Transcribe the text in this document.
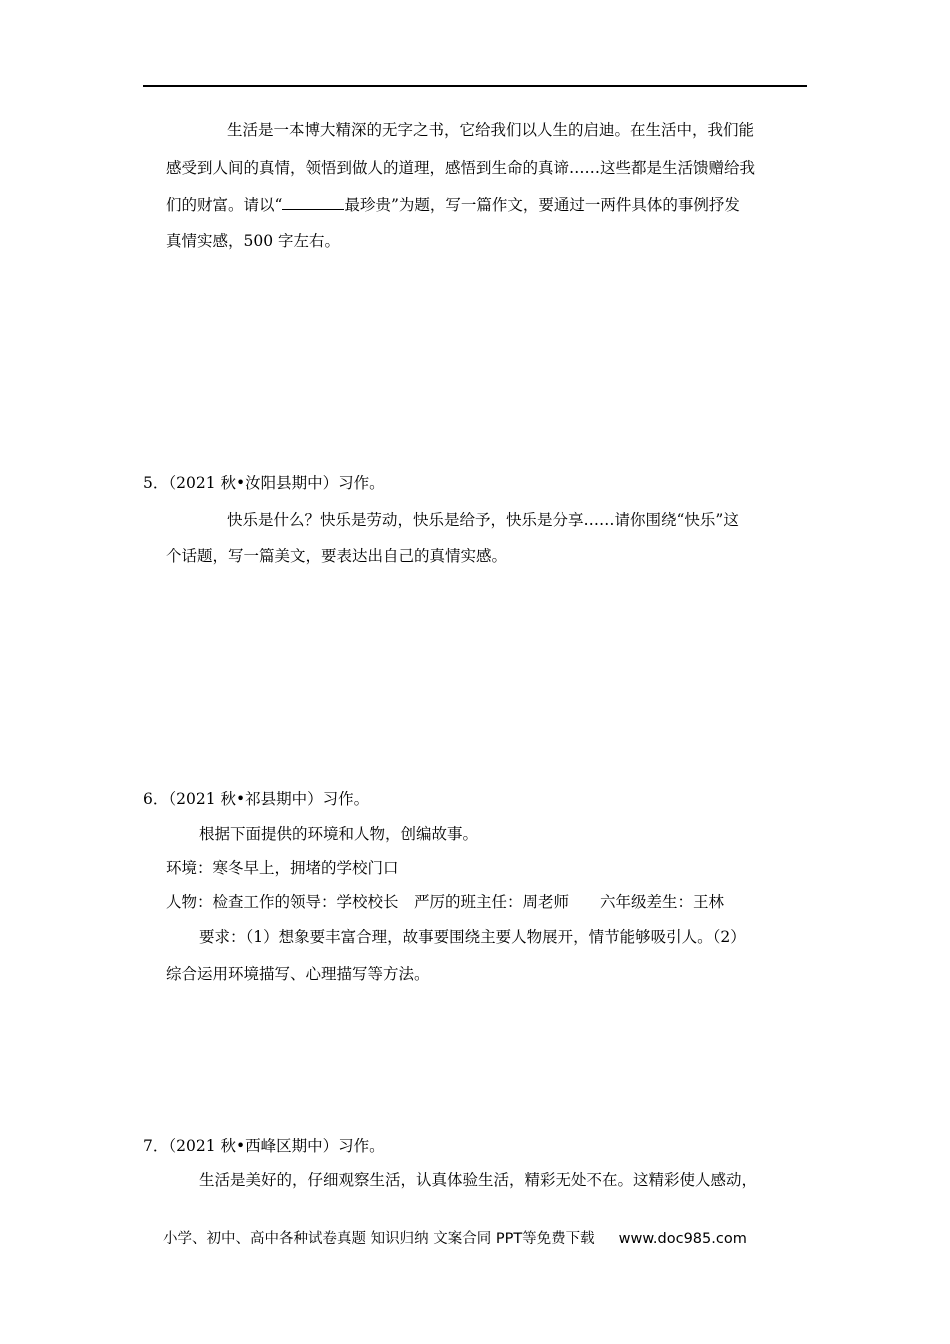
生活是一本博大精深的无字之书，它给我们以人生的启迪。在生活中，我们能
感受到人间的真情，领悟到做人的道理，感悟到生命的真谛……这些都是生活馈赠给我
们的财富。请以“	最珍贵”为题，写一篇作文，要通过一两件具体的事例抒发
真情实感，500 字左右。
5．（2021 秋•汝阳县期中）习作。
快乐是什么？快乐是劳动，快乐是给予，快乐是分享……请你围绕“快乐”这
个话题，写一篇美文，要表达出自己的真情实感。
6．（2021 秋•祁县期中）习作。
根据下面提供的环境和人物，创编故事。
环境：寒冬早上，拥堵的学校门口
人物：检查工作的领导：学校校长　严厉的班主任：周老师　　六年级差生：王林
要求：（1）想象要丰富合理，故事要围绕主要人物展开，情节能够吸引人。（2）
综合运用环境描写、心理描写等方法。
7．（2021 秋•西峰区期中）习作。
生活是美好的，仔细观察生活，认真体验生活，精彩无处不在。这精彩使人感动，
小学、初中、高中各种试卷真题 知识归纳 文案合同 PPT等免费下载 www.doc985.com
